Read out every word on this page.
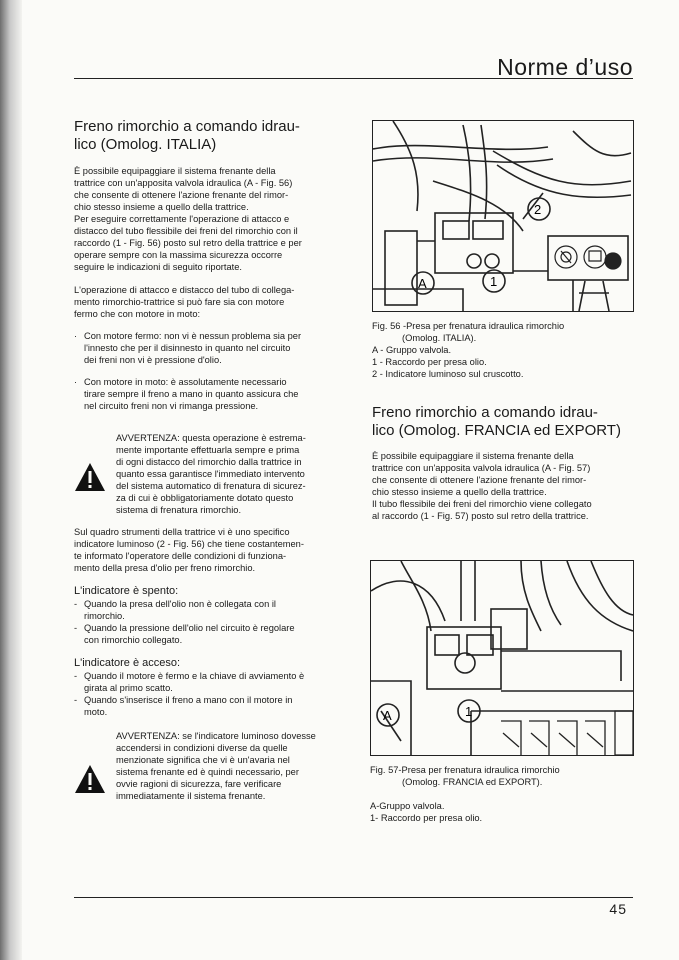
Norme d’uso

Freno rimorchio a comando idrau-

lico (Omolog. ITALIA)

È possibile equipaggiare il sistema frenante della

trattrice con un'apposita valvola idraulica (A - Fig. 56)

che consente di ottenere l'azione frenante del rimor-

chio stesso insieme a quello della trattrice.

Per eseguire correttamente l'operazione di attacco e

distacco del tubo flessibile dei freni del rimorchio con il

raccordo (1 - Fig. 56) posto sul retro della trattrice e per

operare sempre con la massima sicurezza occorre

seguire le indicazioni di seguito riportate.

L'operazione di attacco e distacco del tubo di collega-

mento rimorchio-trattrice si può fare sia con motore

fermo che con motore in moto:

· Con motore fermo: non vi è nessun problema sia per

l'innesto che per il disinnesto in quanto nel circuito

dei freni non vi è pressione d'olio.

· Con motore in moto: è assolutamente necessario

tirare sempre il freno a mano in quanto assicura che

nel circuito freni non vi rimanga pressione.

AVVERTENZA: questa operazione è estrema-

mente importante effettuarla sempre e prima

di ogni distacco del rimorchio dalla trattrice in

quanto essa garantisce l'immediato intervento

del sistema automatico di frenatura di sicurez-

za di cui è obbligatoriamente dotato questo

sistema di frenatura rimorchio.

Sul quadro strumenti della trattrice vi è uno specifico

indicatore luminoso (2 - Fig. 56) che tiene costantemen-

te informato l'operatore delle condizioni di funziona-

mento della presa d'olio per freno rimorchio.

L'indicatore è spento:

- Quando la presa dell'olio non è collegata con il

rimorchio.

- Quando la pressione dell'olio nel circuito è regolare

con rimorchio collegato.

L'indicatore è acceso:

- Quando il motore è fermo e la chiave di avviamento è

girata al primo scatto.

- Quando s'inserisce il freno a mano con il motore in

moto.

AVVERTENZA: se l'indicatore luminoso dovesse

accendersi in condizioni diverse da quelle

menzionate significa che vi è un'avaria nel

sistema frenante ed è quindi necessario, per

ovvie ragioni di sicurezza, fare verificare

immediatamente il sistema frenante.

2
1
A

Fig. 56 -Presa per frenatura idraulica rimorchio

(Omolog. ITALIA).

A - Gruppo valvola.

1 - Raccordo per presa olio.

2 - Indicatore luminoso sul cruscotto.

Freno rimorchio a comando idrau-

lico (Omolog. FRANCIA ed EXPORT)

È possibile equipaggiare il sistema frenante della

trattrice con un'apposita valvola idraulica (A - Fig. 57)

che consente di ottenere l'azione frenante del rimor-

chio stesso insieme a quello della trattrice.

Il tubo flessibile dei freni del rimorchio viene collegato

al raccordo (1 - Fig. 57) posto sul retro della trattrice.

A	1

Fig. 57-Presa per frenatura idraulica rimorchio

(Omolog. FRANCIA ed EXPORT).

A-Gruppo valvola.

1- Raccordo per presa olio.

45
